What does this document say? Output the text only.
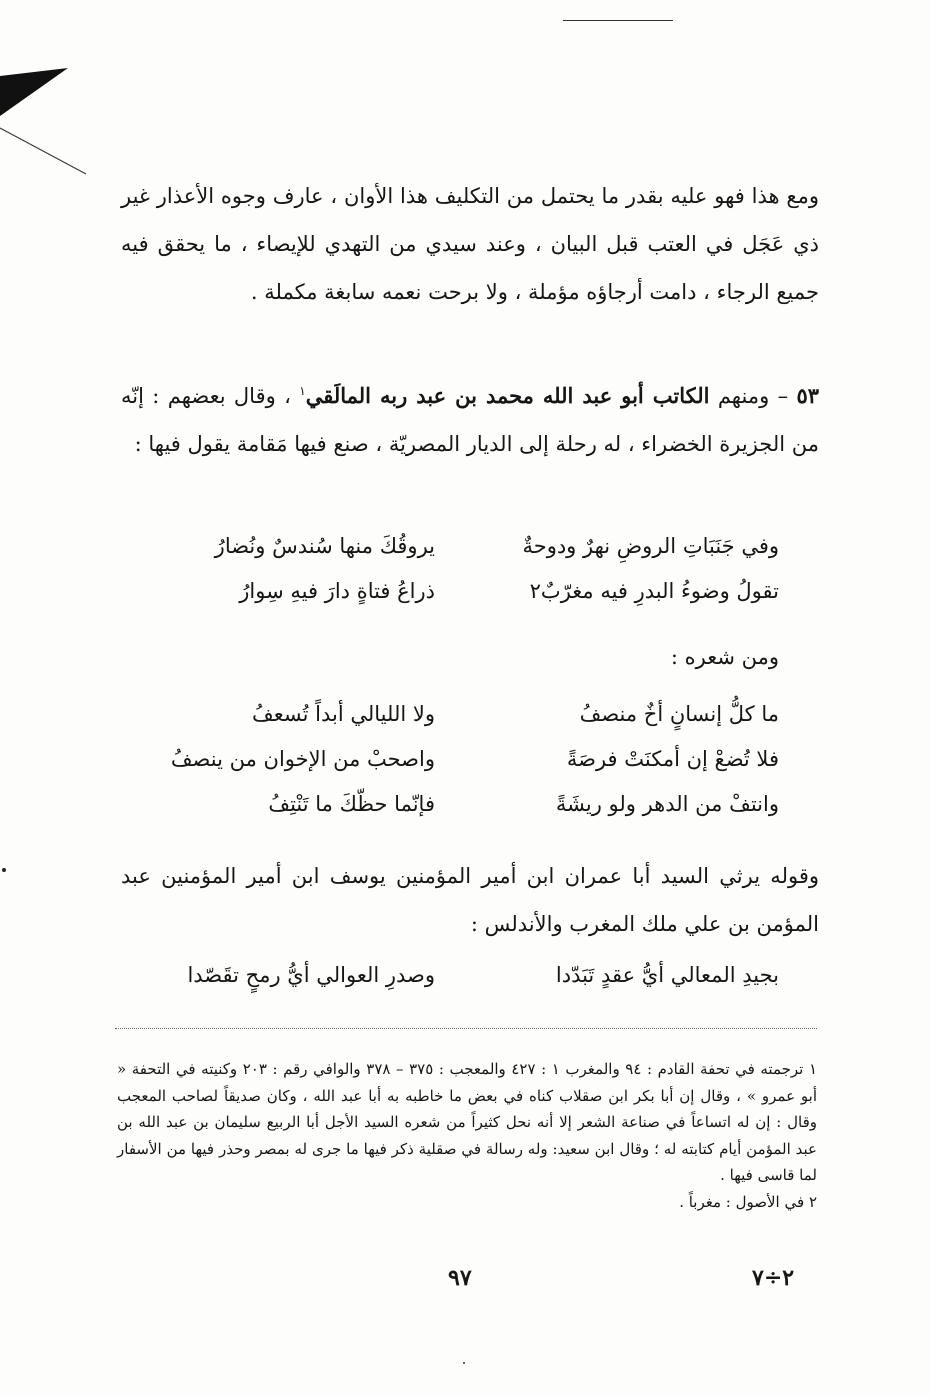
ومع هذا فهو عليه بقدر ما يحتمل من التكليف هذا الأوان ، عارف وجوه الأعذار غير ذي عَجَل في العتب قبل البيان ، وعند سيدي من التهدي للإيصاء ، ما يحقق فيه جميع الرجاء ، دامت أرجاؤه مؤملة ، ولا برحت نعمه سابغة مكملة .

٥٣ – ومنهم الكاتب أبو عبد الله محمد بن عبد ربه المالَقي$^١$ ، وقال بعضهم : إنّه من الجزيرة الخضراء ، له رحلة إلى الديار المصريّة ، صنع فيها مَقامة يقول فيها :

وفي جَنَبَاتِ الروضِ نهرٌ ودوحةٌ
يروقُكَ منها سُندسٌ ونُضارُ
تقولُ وضوءُ البدرِ فيه مغرّبٌ٢
ذراعُ فتاةٍ دارَ فيهِ سِوارُ

ومن شعره :

ما كلُّ إنسانٍ أخٌ منصفُ
ولا الليالي أبداً تُسعفُ
فلا تُضعْ إن أمكنَتْ فرصَةً
واصحبْ من الإخوان من ينصفُ
وانتفْ من الدهر ولو ريشَةً
فإنّما حظّكَ ما تَنْتِفُ

وقوله يرثي السيد أبا عمران ابن أمير المؤمنين يوسف ابن أمير المؤمنين عبد المؤمن بن علي ملك المغرب والأندلس :

بجيدِ المعالي أيُّ عقدٍ تَبَدّدا
وصدرِ العوالي أيُّ رمحٍ تقَصّدا

١ ترجمته في تحفة القادم : ٩٤ والمغرب ١ : ٤٢٧ والمعجب : ٣٧٥ – ٣٧٨ والوافي رقم : ٢٠٣ وكنيته في التحفة « أبو عمرو » ، وقال إن أبا بكر ابن صقلاب كناه في بعض ما خاطبه به أبا عبد الله ، وكان صديقاً لصاحب المعجب وقال : إن له اتساعاً في صناعة الشعر إلا أنه نحل كثيراً من شعره السيد الأجل أبا الربيع سليمان بن عبد الله بن عبد المؤمن أيام كتابته له ؛ وقال ابن سعيد: وله رسالة في صقلية ذكر فيها ما جرى له بمصر وحذر فيها من الأسفار لما قاسى فيها .

٢ في الأصول : مغرباً .

٩٧	٢÷٧
